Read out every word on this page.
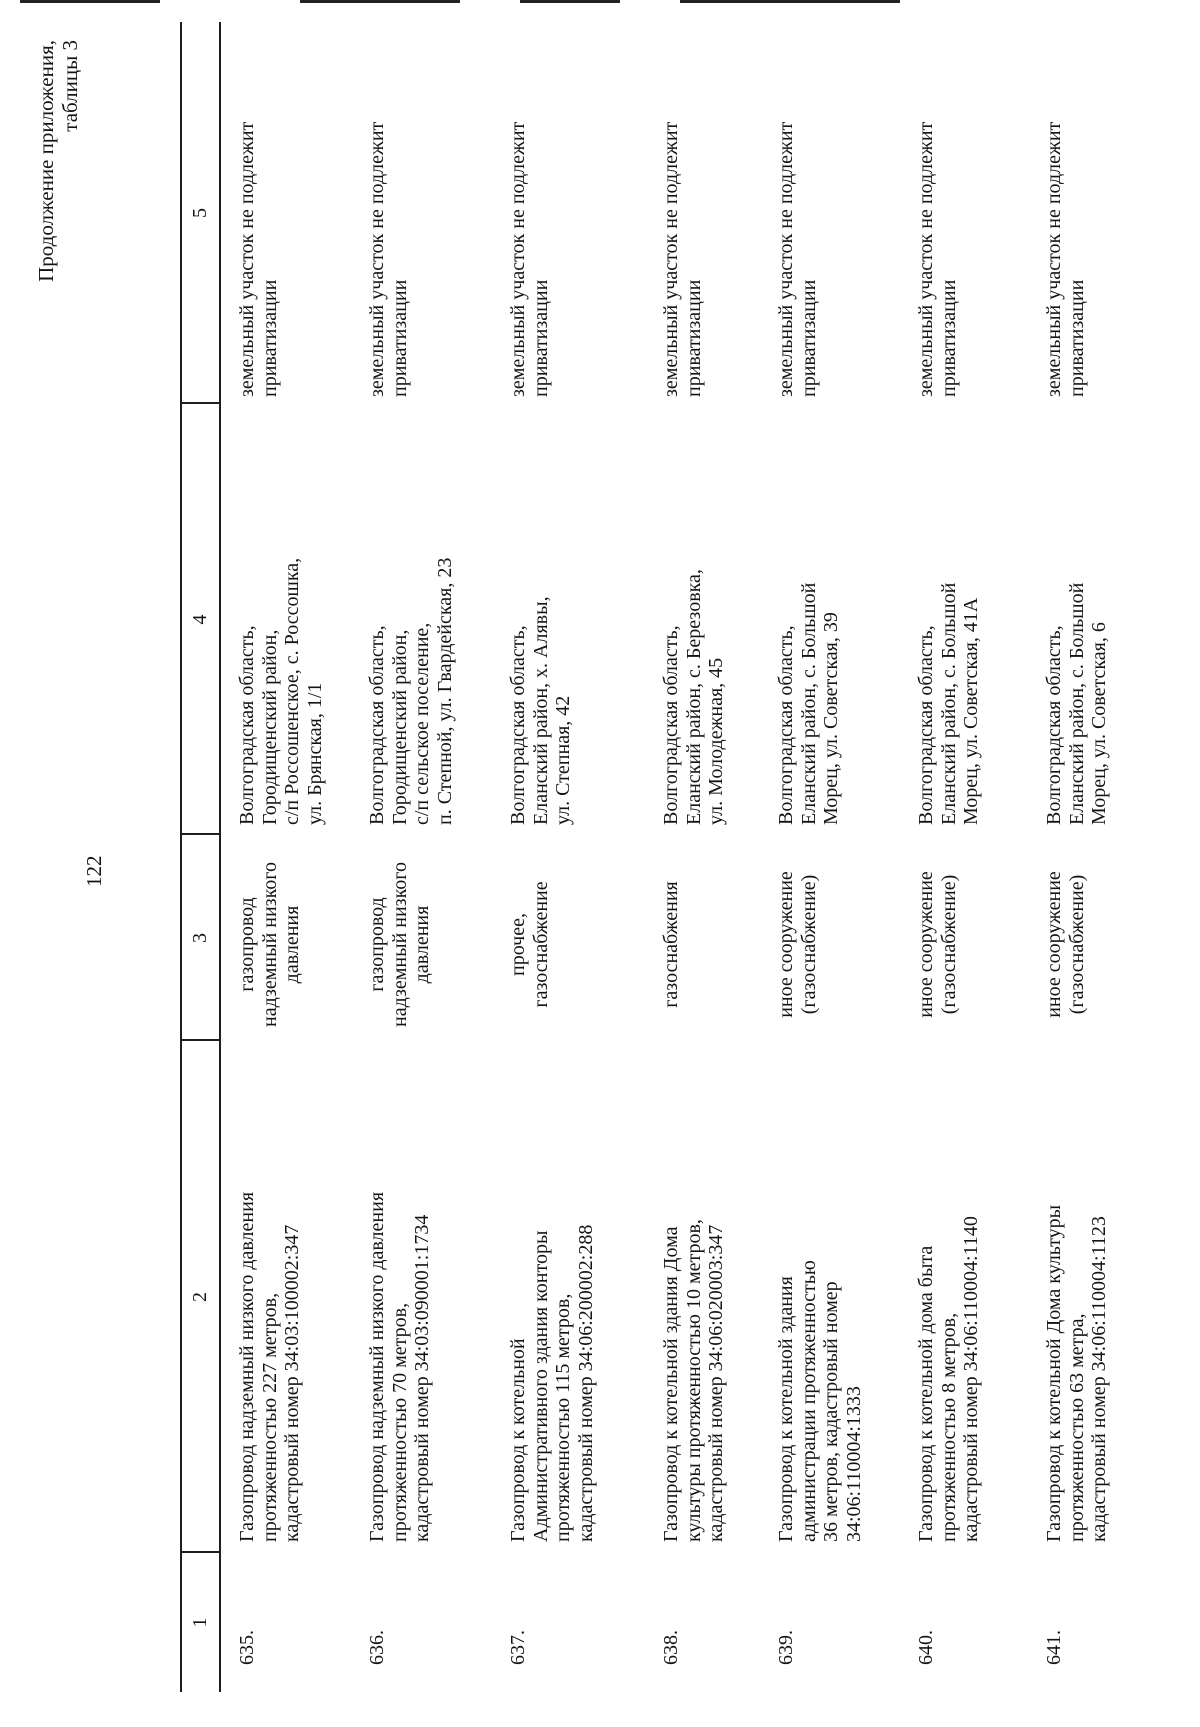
Продолжение приложения,
таблицы 3
122
1
2
3
4
5
635.
Газопровод надземный низкого давления
протяженностью 227 метров,
кадастровый номер 34:03:100002:347
газопровод
надземный низкого
давления
Волгоградская область,
Городищенский район,
с/п Россошенское, с. Россошка,
ул. Брянская, 1/1
земельный участок не подлежит
приватизации
636.
Газопровод надземный низкого давления
протяженностью 70 метров,
кадастровый номер 34:03:090001:1734
газопровод
надземный низкого
давления
Волгоградская область,
Городищенский район,
с/п сельское поселение,
п. Степной, ул. Гвардейская, 23
земельный участок не подлежит
приватизации
637.
Газопровод к котельной
Административного здания конторы
протяженностью 115 метров,
кадастровый номер 34:06:200002:288
прочее,
газоснабжение
Волгоградская область,
Еланский район, х. Алявы,
ул. Степная, 42
земельный участок не подлежит
приватизации
638.
Газопровод к котельной здания Дома
культуры протяженностью 10 метров,
кадастровый номер 34:06:020003:347
газоснабжения
Волгоградская область,
Еланский район, с. Березовка,
ул. Молодежная, 45
земельный участок не подлежит
приватизации
639.
Газопровод к котельной здания
администрации протяженностью
36 метров, кадастровый номер
34:06:110004:1333
иное сооружение
(газоснабжение)
Волгоградская область,
Еланский район, с. Большой
Морец, ул. Советская, 39
земельный участок не подлежит
приватизации
640.
Газопровод к котельной дома быта
протяженностью 8 метров,
кадастровый номер 34:06:110004:1140
иное сооружение
(газоснабжение)
Волгоградская область,
Еланский район, с. Большой
Морец, ул. Советская, 41А
земельный участок не подлежит
приватизации
641.
Газопровод к котельной Дома культуры
протяженностью 63 метра,
кадастровый номер 34:06:110004:1123
иное сооружение
(газоснабжение)
Волгоградская область,
Еланский район, с. Большой
Морец, ул. Советская, 6
земельный участок не подлежит
приватизации
